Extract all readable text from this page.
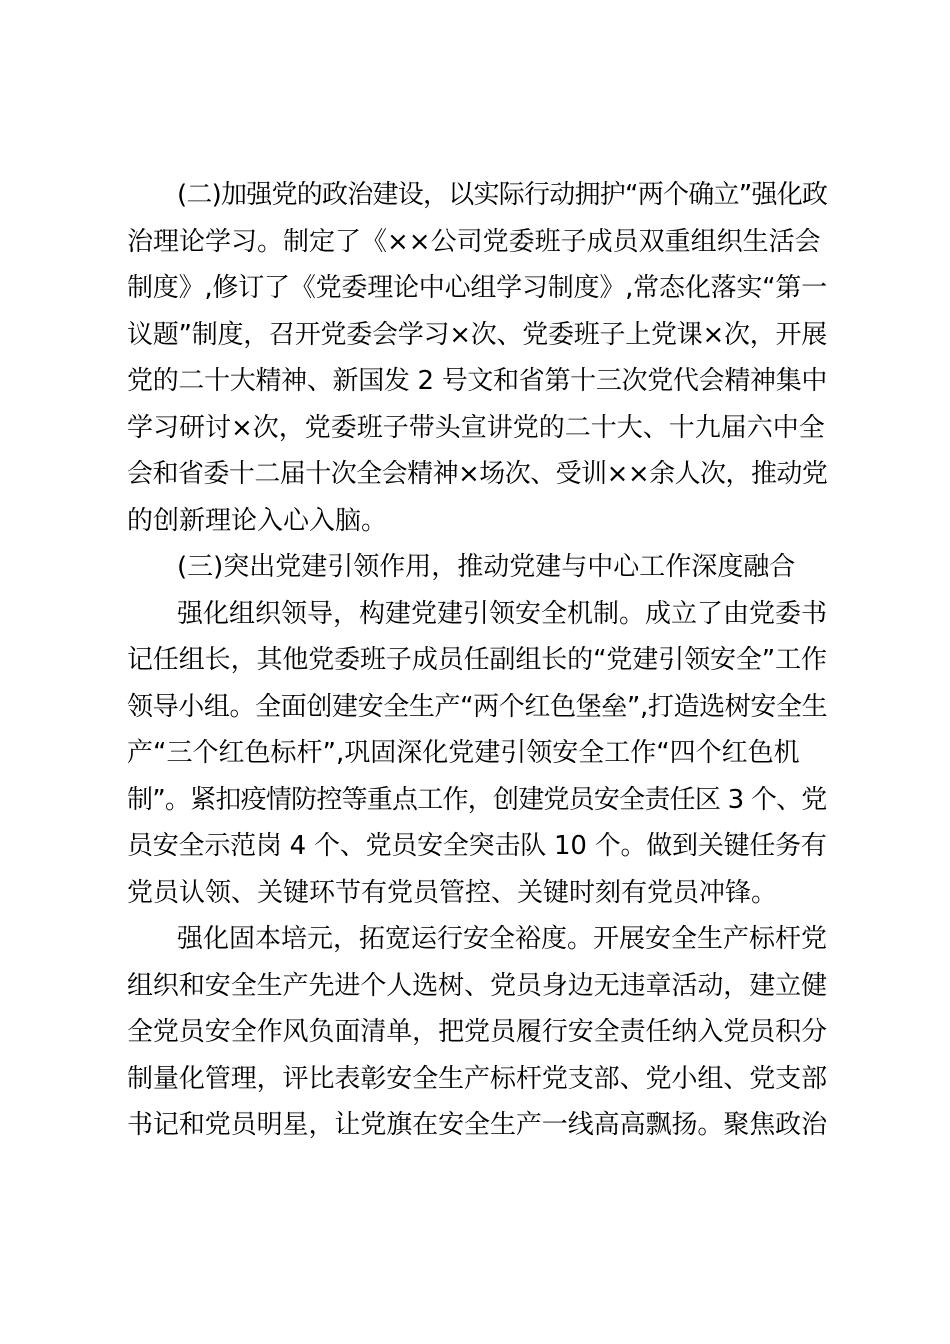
(二)加强党的政治建设，以实际行动拥护“两个确立”强化政
治理论学习。制定了《××公司党委班子成员双重组织生活会
制度》,修订了《党委理论中心组学习制度》,常态化落实“第一
议题”制度，召开党委会学习×次、党委班子上党课×次，开展
党的二十大精神、新国发 2 号文和省第十三次党代会精神集中
学习研讨×次，党委班子带头宣讲党的二十大、十九届六中全
会和省委十二届十次全会精神×场次、受训××余人次，推动党
的创新理论入心入脑。
(三)突出党建引领作用，推动党建与中心工作深度融合
强化组织领导，构建党建引领安全机制。成立了由党委书
记任组长，其他党委班子成员任副组长的“党建引领安全”工作
领导小组。全面创建安全生产“两个红色堡垒”,打造选树安全生
产“三个红色标杆”,巩固深化党建引领安全工作“四个红色机
制”。紧扣疫情防控等重点工作，创建党员安全责任区 3 个、党
员安全示范岗 4 个、党员安全突击队 10 个。做到关键任务有
党员认领、关键环节有党员管控、关键时刻有党员冲锋。
强化固本培元，拓宽运行安全裕度。开展安全生产标杆党
组织和安全生产先进个人选树、党员身边无违章活动，建立健
全党员安全作风负面清单，把党员履行安全责任纳入党员积分
制量化管理，评比表彰安全生产标杆党支部、党小组、党支部
书记和党员明星，让党旗在安全生产一线高高飘扬。聚焦政治
